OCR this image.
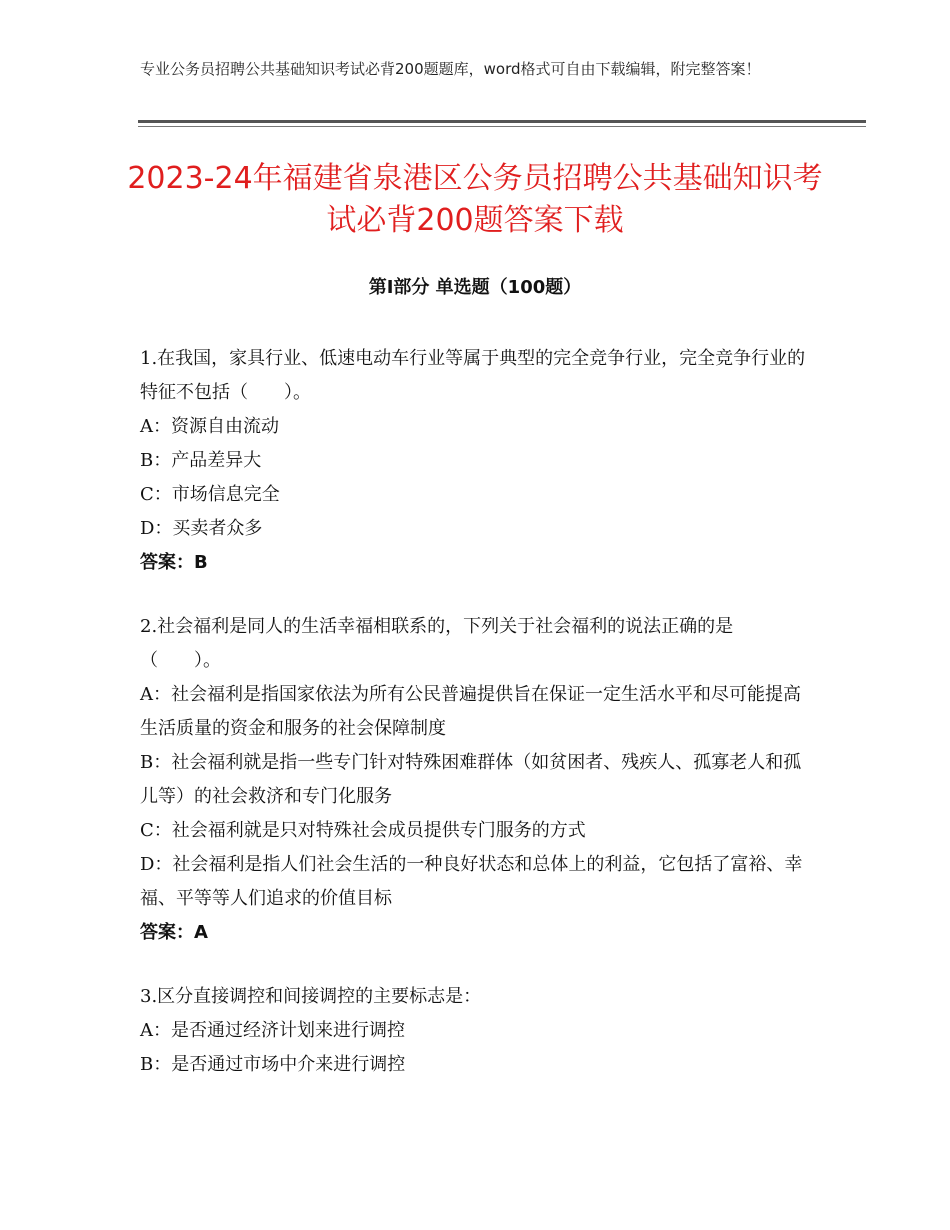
专业公务员招聘公共基础知识考试必背200题题库，word格式可自由下载编辑，附完整答案！
2023-24年福建省泉港区公务员招聘公共基础知识考试必背200题答案下载
第I部分 单选题（100题）
1.在我国，家具行业、低速电动车行业等属于典型的完全竞争行业，完全竞争行业的特征不包括（　　）。
A：资源自由流动
B：产品差异大
C：市场信息完全
D：买卖者众多
答案：B
2.社会福利是同人的生活幸福相联系的，下列关于社会福利的说法正确的是（　　）。
A：社会福利是指国家依法为所有公民普遍提供旨在保证一定生活水平和尽可能提高生活质量的资金和服务的社会保障制度
B：社会福利就是指一些专门针对特殊困难群体（如贫困者、残疾人、孤寡老人和孤儿等）的社会救济和专门化服务
C：社会福利就是只对特殊社会成员提供专门服务的方式
D：社会福利是指人们社会生活的一种良好状态和总体上的利益，它包括了富裕、幸福、平等等人们追求的价值目标
答案：A
3.区分直接调控和间接调控的主要标志是：
A：是否通过经济计划来进行调控
B：是否通过市场中介来进行调控
